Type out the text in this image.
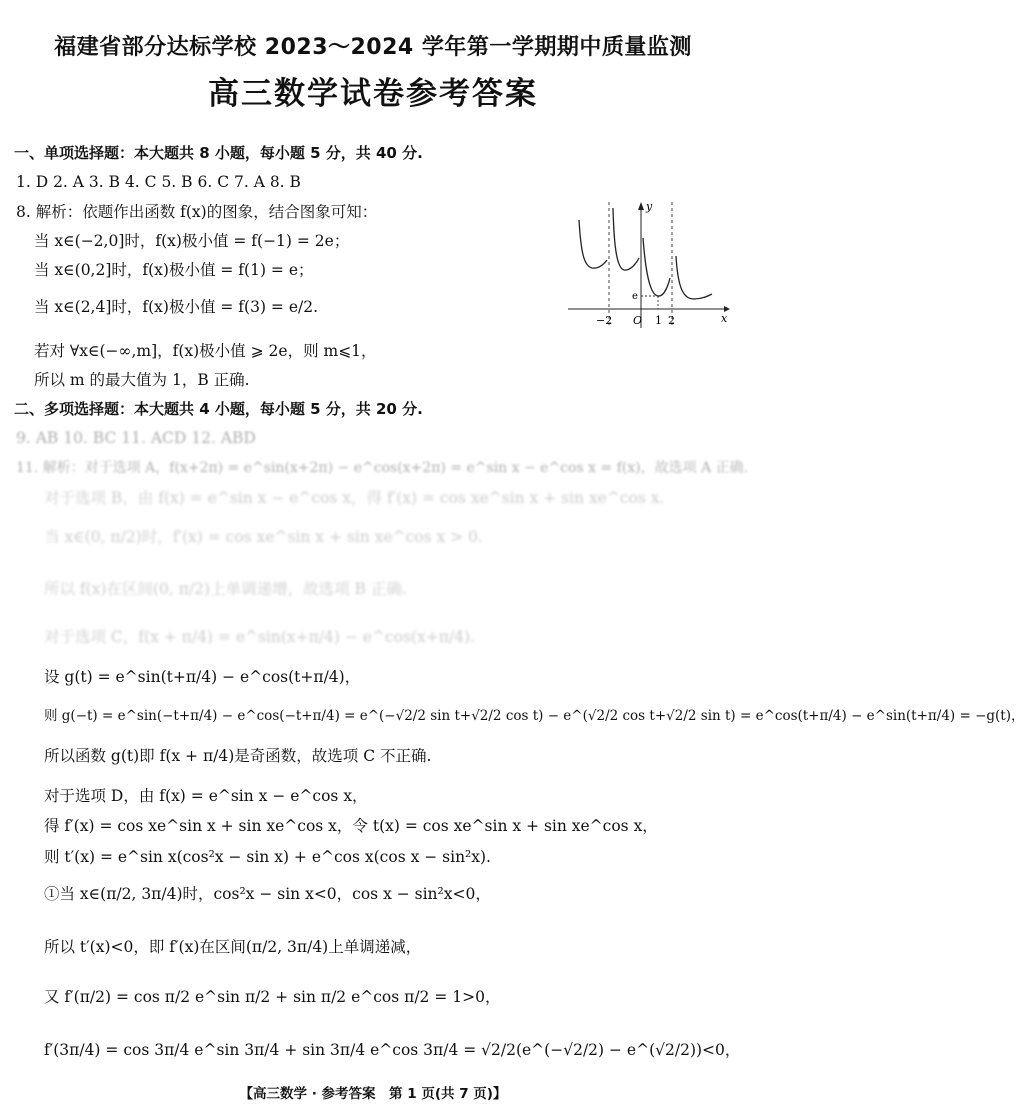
福建省部分达标学校 2023～2024 学年第一学期期中质量监测
高三数学试卷参考答案
一、单项选择题：本大题共 8 小题，每小题 5 分，共 40 分.
1. D 2. A 3. B 4. C 5. B 6. C 7. A 8. B
8. 解析：依题作出函数 f(x)的图象，结合图象可知：
当 x∈(−2,0]时，f(x)极小值 = f(−1) = 2e；
当 x∈(0,2]时，f(x)极小值 = f(1) = e；
当 x∈(2,4]时，f(x)极小值 = f(3) = e/2.
若对 ∀x∈(−∞,m]，f(x)极小值 ⩾ 2e，则 m⩽1，
所以 m 的最大值为 1，B 正确.
x
y
−2 O 1 2
e
二、多项选择题：本大题共 4 小题，每小题 5 分，共 20 分.
9. AB 10. BC 11. ACD 12. ABD
11. 解析：对于选项 A，f(x+2π) = e^sin(x+2π) − e^cos(x+2π) = e^sin x − e^cos x = f(x)，故选项 A 正确.
对于选项 B，由 f(x) = e^sin x − e^cos x，得 f′(x) = cos xe^sin x + sin xe^cos x.
当 x∈(0, π/2)时，f′(x) = cos xe^sin x + sin xe^cos x > 0.
所以 f(x)在区间(0, π/2)上单调递增，故选项 B 正确.
对于选项 C，f(x + π/4) = e^sin(x+π/4) − e^cos(x+π/4).
设 g(t) = e^sin(t+π/4) − e^cos(t+π/4)，
则 g(−t) = e^sin(−t+π/4) − e^cos(−t+π/4) = e^(−√2/2 sin t+√2/2 cos t) − e^(√2/2 cos t+√2/2 sin t) = e^cos(t+π/4) − e^sin(t+π/4) = −g(t)，
所以函数 g(t)即 f(x + π/4)是奇函数，故选项 C 不正确.
对于选项 D，由 f(x) = e^sin x − e^cos x，
得 f′(x) = cos xe^sin x + sin xe^cos x，令 t(x) = cos xe^sin x + sin xe^cos x，
则 t′(x) = e^sin x(cos²x − sin x) + e^cos x(cos x − sin²x).
①当 x∈(π/2, 3π/4)时，cos²x − sin x<0，cos x − sin²x<0，
所以 t′(x)<0，即 f′(x)在区间(π/2, 3π/4)上单调递减，
又 f′(π/2) = cos π/2 e^sin π/2 + sin π/2 e^cos π/2 = 1>0，
f′(3π/4) = cos 3π/4 e^sin 3π/4 + sin 3π/4 e^cos 3π/4 = √2/2(e^(−√2/2) − e^(√2/2))<0，
【高三数学 · 参考答案　第 1 页(共 7 页)】
